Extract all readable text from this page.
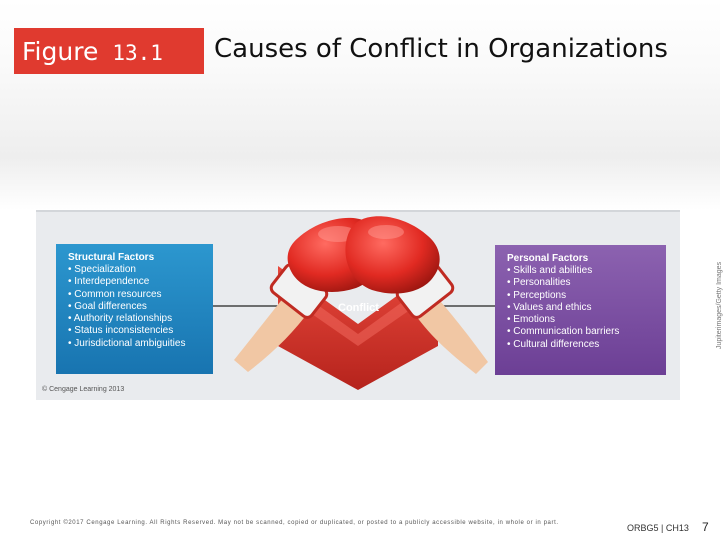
Figure 13.1 Causes of Conflict in Organizations
Conflict
Structural Factors
• Specialization
• Interdependence
• Common resources
• Goal differences
• Authority relationships
• Status inconsistencies
• Jurisdictional ambiguities
Personal Factors
• Skills and abilities
• Personalities
• Perceptions
• Values and ethics
• Emotions
• Communication barriers
• Cultural differences
© Cengage Learning 2013
Jupiterimages/Getty Images
Copyright ©2017 Cengage Learning. All Rights Reserved. May not be scanned, copied or duplicated, or posted to a publicly accessible website, in whole or in part.	ORBG5 | CH13 7
